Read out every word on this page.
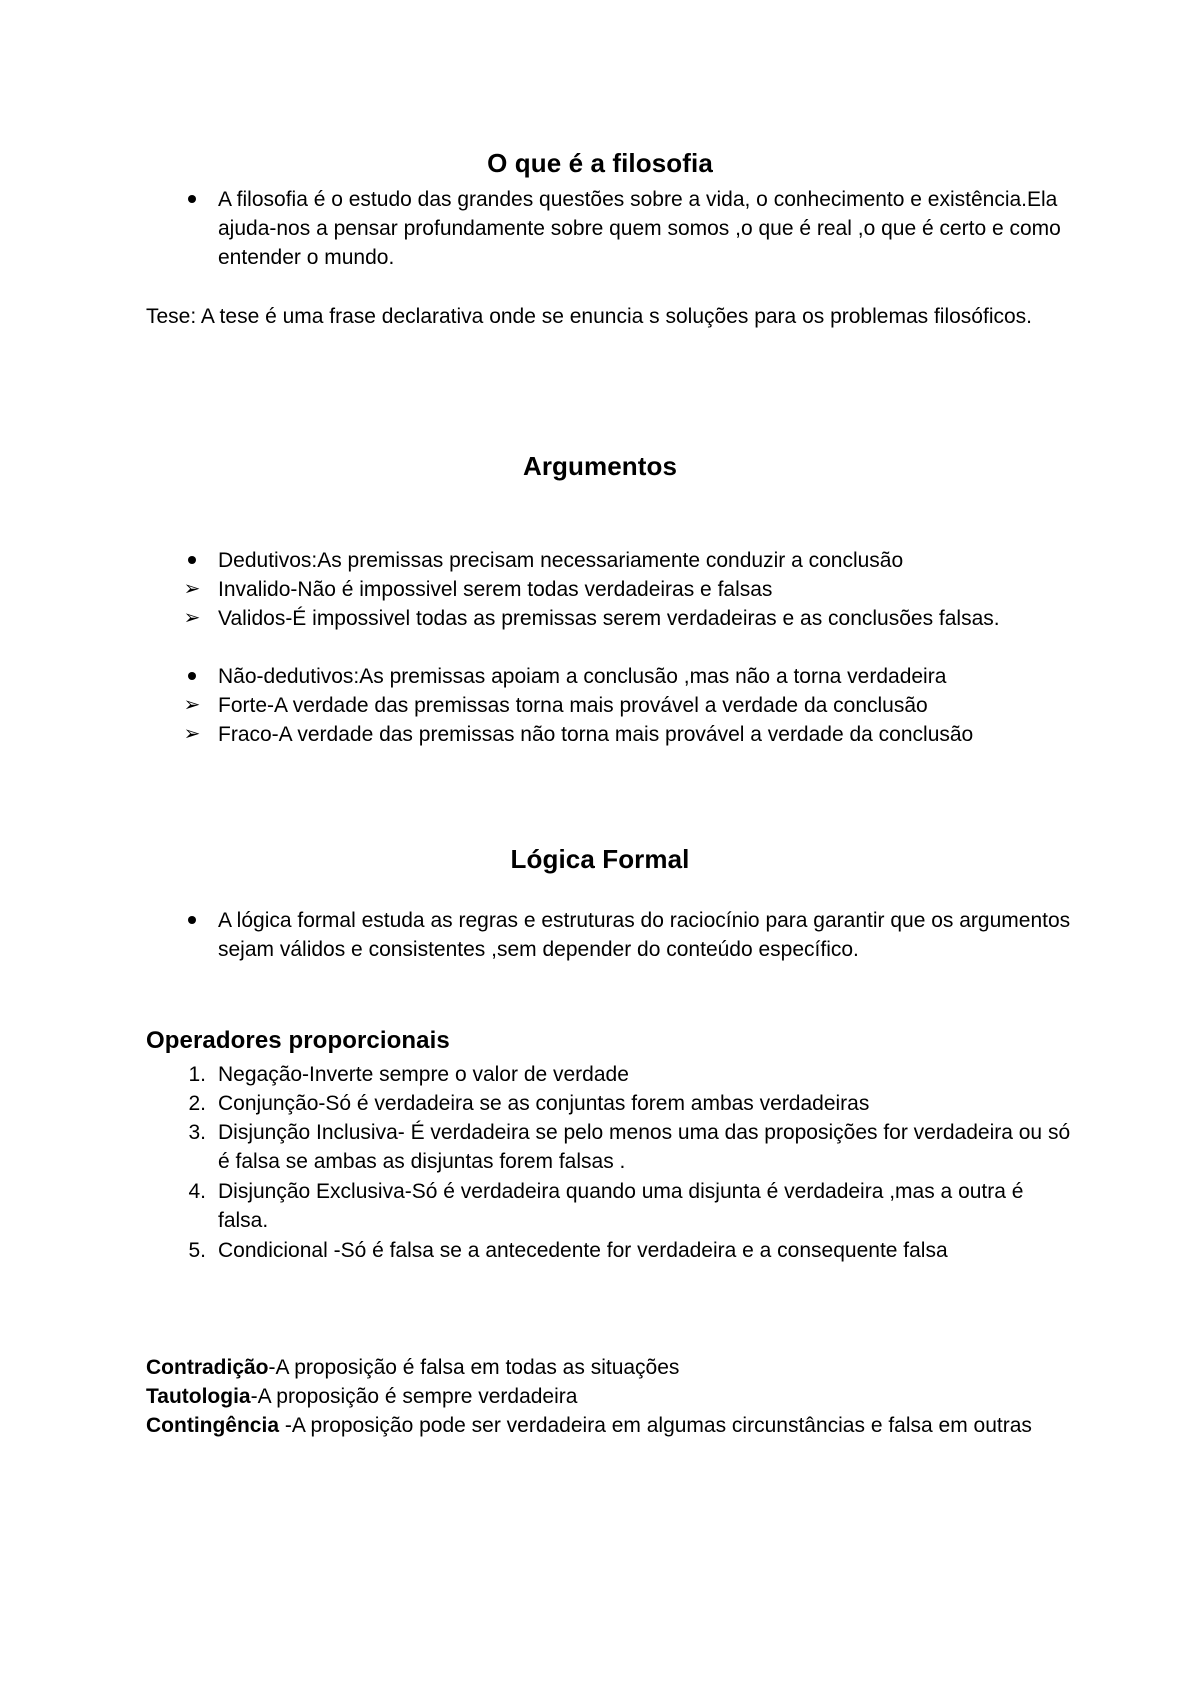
O que é a filosofia
A filosofia é o estudo das grandes questões sobre a vida, o conhecimento e existência.Ela ajuda-nos a pensar profundamente sobre quem somos ,o que é real ,o que é certo e como entender o mundo.

Tese: A tese é uma frase declarativa onde se enuncia s soluções para os problemas filosóficos.

Argumentos
Dedutivos:As premissas precisam necessariamente conduzir a conclusão
➢ Invalido-Não é impossivel serem todas verdadeiras e falsas
➢ Validos-É impossivel todas as premissas serem verdadeiras e as conclusões falsas.
Não-dedutivos:As premissas apoiam a conclusão ,mas não a torna verdadeira
➢ Forte-A verdade das premissas torna mais provável a verdade da conclusão
➢ Fraco-A verdade das premissas não torna mais provável a verdade da conclusão
Lógica Formal
A lógica formal estuda as regras e estruturas do raciocínio para garantir que os argumentos sejam válidos e consistentes ,sem depender do conteúdo específico.
Operadores proporcionais
1. Negação-Inverte sempre o valor de verdade
2. Conjunção-Só é verdadeira se as conjuntas forem ambas verdadeiras
3. Disjunção Inclusiva- É verdadeira se pelo menos uma das proposições for verdadeira ou só é falsa se ambas as disjuntas forem falsas .
4. Disjunção Exclusiva-Só é verdadeira quando uma disjunta é verdadeira ,mas a outra é falsa.
5. Condicional -Só é falsa se a antecedente for verdadeira e a consequente falsa

Contradição-A proposição é falsa em todas as situações

Tautologia-A proposição é sempre verdadeira

Contingência -A proposição pode ser verdadeira em algumas circunstâncias e falsa em outras
